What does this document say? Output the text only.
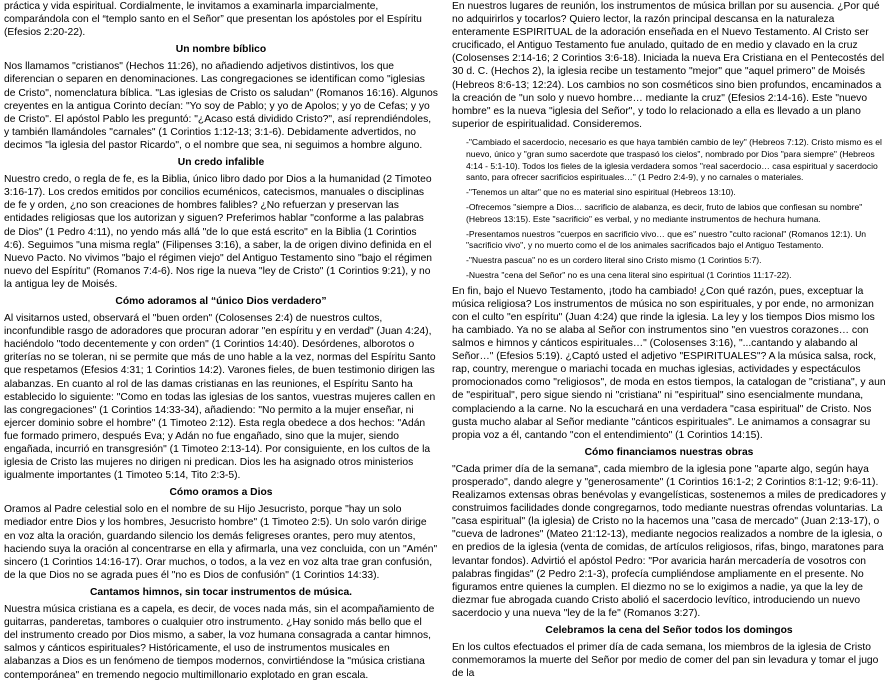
práctica y vida espiritual. Cordialmente, le invitamos a examinarla imparcialmente, comparándola con el “templo santo en el Señor” que presentan los apóstoles por el Espíritu (Efesios 2:20-22).

Un nombre bíblico

Nos llamamos "cristianos" (Hechos 11:26), no añadiendo adjetivos distintivos, los que diferencian o separen en denominaciones. Las congregaciones se identifican como "iglesias de Cristo", nomenclatura bíblica. "Las iglesias de Cristo os saludan" (Romanos 16:16). Algunos creyentes en la antigua Corinto decían: "Yo soy de Pablo; y yo de Apolos; y yo de Cefas; y yo de Cristo". El apóstol Pablo les preguntó: "¿Acaso está dividido Cristo?", así reprendiéndoles, y también llamándoles "carnales" (1 Corintios 1:12-13; 3:1-6). Debidamente advertidos, no decimos "la iglesia del pastor Ricardo", o el nombre que sea, ni seguimos a hombre alguno.

Un credo infalible

Nuestro credo, o regla de fe, es la Biblia, único libro dado por Dios a la humanidad (2 Timoteo 3:16-17). Los credos emitidos por concilios ecuménicos, catecismos, manuales o disciplinas de fe y orden, ¿no son creaciones de hombres falibles? ¿No refuerzan y preservan las entidades religiosas que los autorizan y siguen? Preferimos hablar "conforme a las palabras de Dios" (1 Pedro 4:11), no yendo más allá "de lo que está escrito" en la Biblia (1 Corintios 4:6). Seguimos "una misma regla" (Filipenses 3:16), a saber, la de origen divino definida en el Nuevo Pacto. No vivimos "bajo el régimen viejo" del Antiguo Testamento sino "bajo el régimen nuevo del Espíritu" (Romanos 7:4-6). Nos rige la nueva "ley de Cristo" (1 Corintios 9:21), y no la antigua ley de Moisés.

Cómo adoramos al “único Dios verdadero”

Al visitarnos usted, observará el "buen orden" (Colosenses 2:4) de nuestros cultos, inconfundible rasgo de adoradores que procuran adorar "en espíritu y en verdad" (Juan 4:24), haciéndolo "todo decentemente y con orden" (1 Corintios 14:40). Desórdenes, alborotos o griterías no se toleran, ni se permite que más de uno hable a la vez, normas del Espíritu Santo que respetamos (Efesios 4:31; 1 Corintios 14:2). Varones fieles, de buen testimonio dirigen las alabanzas. En cuanto al rol de las damas cristianas en las reuniones, el Espíritu Santo ha establecido lo siguiente: "Como en todas las iglesias de los santos, vuestras mujeres callen en las congregaciones" (1 Corintios 14:33-34), añadiendo: "No permito a la mujer enseñar, ni ejercer dominio sobre el hombre" (1 Timoteo 2:12). Esta regla obedece a dos hechos: "Adán fue formado primero, después Eva; y Adán no fue engañado, sino que la mujer, siendo engañada, incurrió en transgresión" (1 Timoteo 2:13-14). Por consiguiente, en los cultos de la iglesia de Cristo las mujeres no dirigen ni predican. Dios les ha asignado otros ministerios igualmente importantes (1 Timoteo 5:14, Tito 2:3-5).

Cómo oramos a Dios

Oramos al Padre celestial solo en el nombre de su Hijo Jesucristo, porque "hay un solo mediador entre Dios y los hombres, Jesucristo hombre" (1 Timoteo 2:5). Un solo varón dirige en voz alta la oración, guardando silencio los demás feligreses orantes, pero muy atentos, haciendo suya la oración al concentrarse en ella y afirmarla, una vez concluida, con un "Amén" sincero (1 Corintios 14:16-17). Orar muchos, o todos, a la vez en voz alta trae gran confusión, de la que Dios no se agrada pues él "no es Dios de confusión" (1 Corintios 14:33).

Cantamos himnos, sin tocar instrumentos de música.

Nuestra música cristiana es a capela, es decir, de voces nada más, sin el acompañamiento de guitarras, panderetas, tambores o cualquier otro instrumento. ¿Hay sonido más bello que el del instrumento creado por Dios mismo, a saber, la voz humana consagrada a cantar himnos, salmos y cánticos espirituales? Históricamente, el uso de instrumentos musicales en alabanzas a Dios es un fenómeno de tiempos modernos, convirtiéndose la "música cristiana contemporánea" en tremendo negocio multimillonario explotado en gran escala.

En nuestros lugares de reunión, los instrumentos de música brillan por su ausencia. ¿Por qué no adquirirlos y tocarlos? Quiero lector, la razón principal descansa en la naturaleza enteramente ESPIRITUAL de la adoración enseñada en el Nuevo Testamento. Al Cristo ser crucificado, el Antiguo Testamento fue anulado, quitado de en medio y clavado en la cruz (Colosenses 2:14-16; 2 Corintios 3:6-18). Iniciada la nueva Era Cristiana en el Pentecostés del 30 d. C. (Hechos 2), la iglesia recibe un testamento "mejor" que "aquel primero" de Moisés (Hebreos 8:6-13; 12:24). Los cambios no son cosméticos sino bien profundos, encaminados a la creación de "un solo y nuevo hombre… mediante la cruz" (Efesios 2:14-16). Este "nuevo hombre" es la nueva "iglesia del Señor", y todo lo relacionado a ella es llevado a un plano superior de espiritualidad. Consideremos.

-"Cambiado el sacerdocio, necesario es que haya también cambio de ley" (Hebreos 7:12). Cristo mismo es el nuevo, único y "gran sumo sacerdote que traspasó los cielos", nombrado por Dios "para siempre" (Hebreos 4:14 - 5:1-10). Todos los fieles de la iglesia verdadera somos "real sacerdocio… casa espiritual y sacerdocio santo, para ofrecer sacrificios espirituales…" (1 Pedro 2:4-9), y no carnales o materiales.

-"Tenemos un altar" que no es material sino espiritual (Hebreos 13:10).

-Ofrecemos "siempre a Dios… sacrificio de alabanza, es decir, fruto de labios que confiesan su nombre" (Hebreos 13:15). Este "sacrificio" es verbal, y no mediante instrumentos de hechura humana.

-Presentamos nuestros "cuerpos en sacrificio vivo… que es" nuestro "culto racional" (Romanos 12:1). Un "sacrificio vivo", y no muerto como el de los animales sacrificados bajo el Antiguo Testamento.

-"Nuestra pascua" no es un cordero literal sino Cristo mismo (1 Corintios 5:7).

-Nuestra "cena del Señor" no es una cena literal sino espiritual (1 Corintios 11:17-22).

En fin, bajo el Nuevo Testamento, ¡todo ha cambiado! ¿Con qué razón, pues, exceptuar la música religiosa? Los instrumentos de música no son espirituales, y por ende, no armonizan con el culto "en espíritu" (Juan 4:24) que rinde la iglesia. La ley y los tiempos Dios mismo los ha cambiado. Ya no se alaba al Señor con instrumentos sino "en vuestros corazones… con salmos e himnos y cánticos espirituales…" (Colosenses 3:16), "...cantando y alabando al Señor…" (Efesios 5:19). ¿Captó usted el adjetivo "ESPIRITUALES"? A la música salsa, rock, rap, country, merengue o mariachi tocada en muchas iglesias, actividades y espectáculos promocionados como "religiosos", de moda en estos tiempos, la catalogan de "cristiana", y aun de "espiritual", pero sigue siendo ni "cristiana" ni "espiritual" sino esencialmente mundana, complaciendo a la carne. No la escuchará en una verdadera "casa espiritual" de Cristo. Nos gusta mucho alabar al Señor mediante "cánticos espirituales". Le animamos a consagrar su propia voz a él, cantando "con el entendimiento" (1 Corintios 14:15).

Cómo financiamos nuestras obras

"Cada primer día de la semana", cada miembro de la iglesia pone "aparte algo, según haya prosperado", dando alegre y "generosamente" (1 Corintios 16:1-2; 2 Corintios 8:1-12; 9:6-11). Realizamos extensas obras benévolas y evangelísticas, sostenemos a miles de predicadores y construimos facilidades donde congregarnos, todo mediante nuestras ofrendas voluntarias. La "casa espiritual" (la iglesia) de Cristo no la hacemos una "casa de mercado" (Juan 2:13-17), o "cueva de ladrones" (Mateo 21:12-13), mediante negocios realizados a nombre de la iglesia, o en predios de la iglesia (venta de comidas, de artículos religiosos, rifas, bingo, maratones para levantar fondos). Advirtió el apóstol Pedro: "Por avaricia harán mercadería de vosotros con palabras fingidas" (2 Pedro 2:1-3), profecía cumpliéndose ampliamente en el presente. No figuramos entre quienes la cumplen. El diezmo no se lo exigimos a nadie, ya que la ley de diezmar fue abrogada cuando Cristo abolió el sacerdocio levítico, introduciendo un nuevo sacerdocio y una nueva "ley de la fe" (Romanos 3:27).

Celebramos la cena del Señor todos los domingos

En los cultos efectuados el primer día de cada semana, los miembros de la iglesia de Cristo conmemoramos la muerte del Señor por medio de comer del pan sin levadura y tomar el jugo de la
